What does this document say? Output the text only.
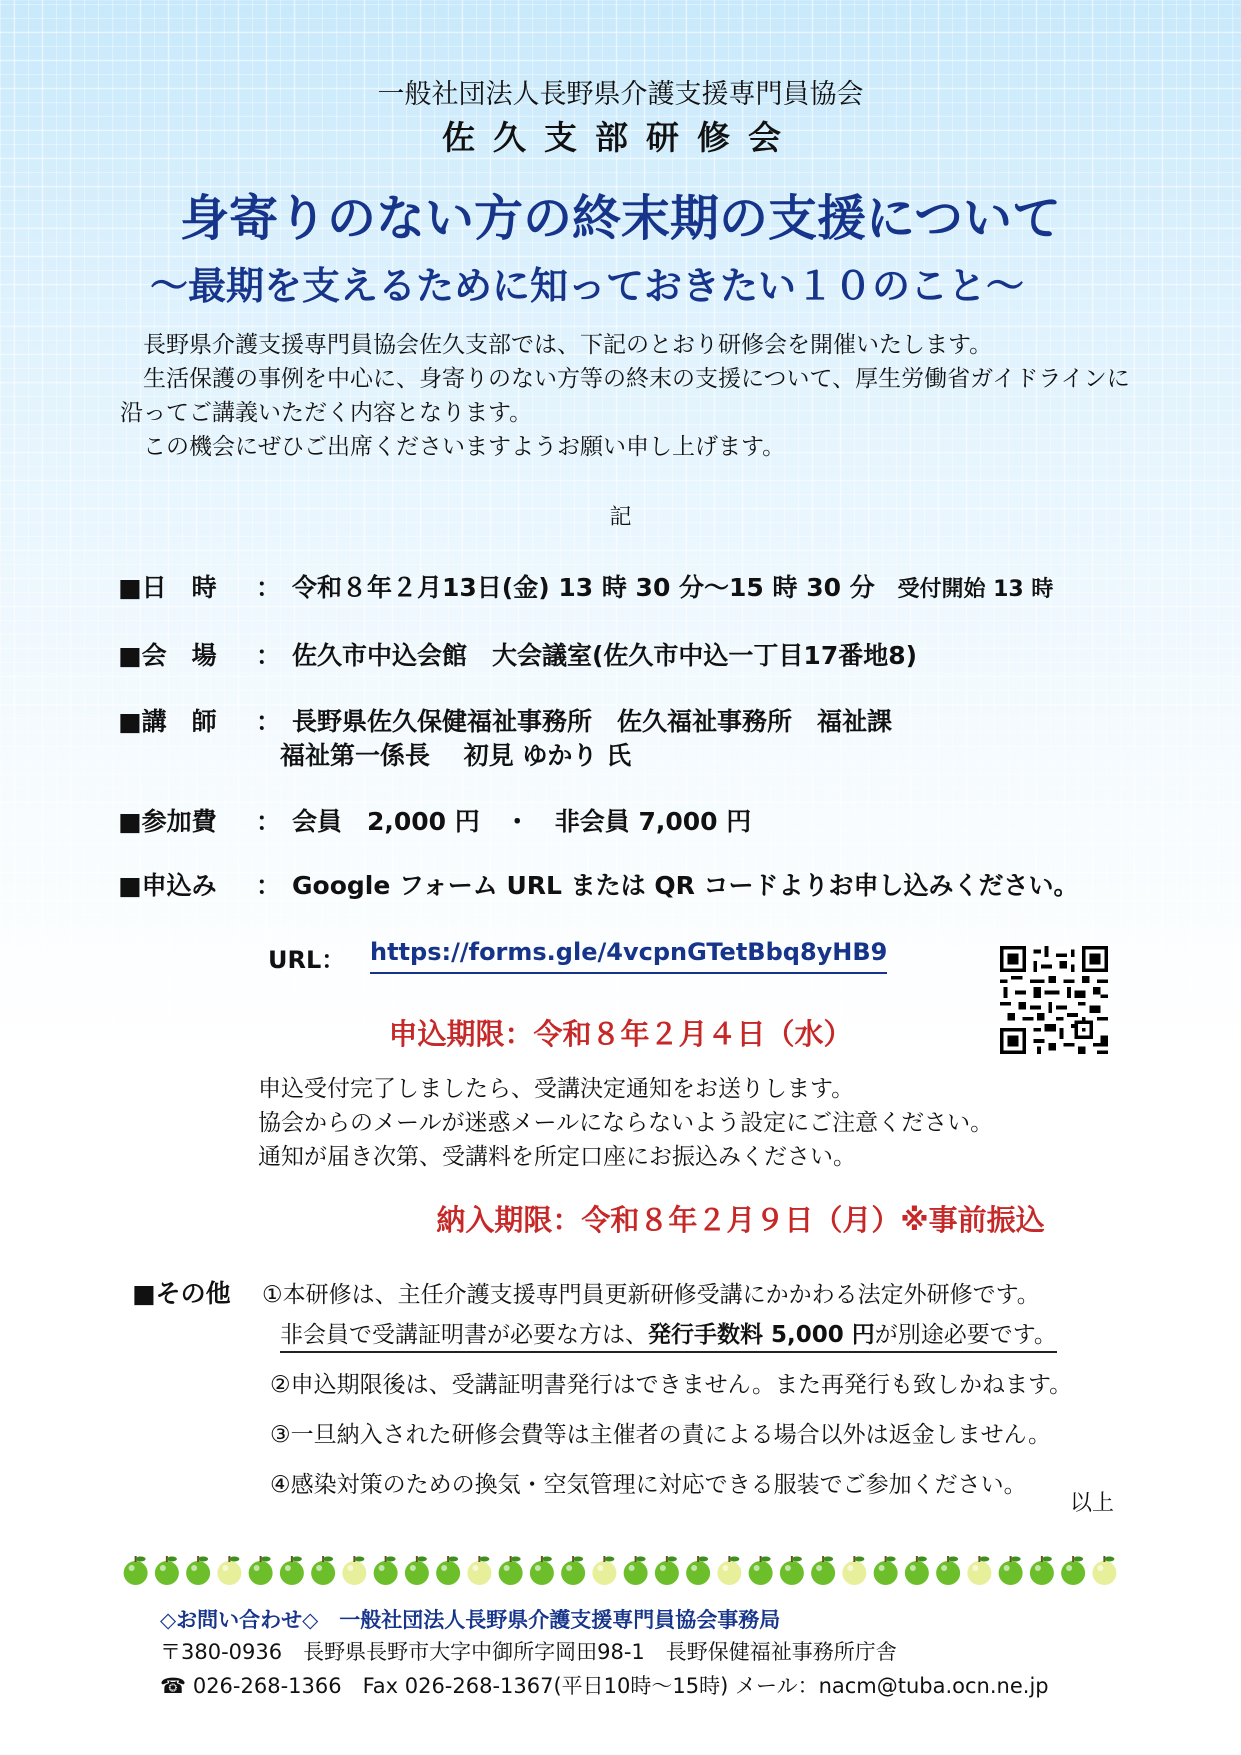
一般社団法人長野県介護支援専門員協会
佐久支部研修会
身寄りのない方の終末期の支援について
～最期を支えるために知っておきたい１０のこと～

　長野県介護支援専門員協会佐久支部では、下記のとおり研修会を開催いたします。

　生活保護の事例を中心に、身寄りのない方等の終末の支援について、厚生労働省ガイドラインに沿ってご講義いただく内容となります。

　この機会にぜひご出席くださいますようお願い申し上げます。

記
■日　時 ： 令和８年２月13日(金) 13 時 30 分～15 時 30 分 受付開始 13 時
■会　場 ： 佐久市中込会館　大会議室(佐久市中込一丁目17番地8)
■講　師 ： 長野県佐久保健福祉事務所　佐久福祉事務所　福祉課
福祉第一係長　 初見 ゆかり 氏
■参加費 ： 会員　2,000 円　・　非会員 7,000 円
■申込み ： Google フォーム URL または QR コードよりお申し込みください。
URL： https://forms.gle/4vcpnGTetBbq8yHB9
申込期限：令和８年２月４日（水）

申込受付完了しましたら、受講決定通知をお送りします。

協会からのメールが迷惑メールにならないよう設定にご注意ください。

通知が届き次第、受講料を所定口座にお振込みください。

納入期限：令和８年２月９日（月）※事前振込
■その他 ①本研修は、主任介護支援専門員更新研修受講にかかわる法定外研修です。
非会員で受講証明書が必要な方は、発行手数料 5,000 円が別途必要です。
②申込期限後は、受講証明書発行はできません。また再発行も致しかねます。
③一旦納入された研修会費等は主催者の責による場合以外は返金しません。
④感染対策のための換気・空気管理に対応できる服装でご参加ください。
以上
◇お問い合わせ◇　一般社団法人長野県介護支援専門員協会事務局
〒380-0936　長野県長野市大字中御所字岡田98-1　長野保健福祉事務所庁舎
☎ 026-268-1366　Fax 026-268-1367(平日10時～15時) メール：nacm@tuba.ocn.ne.jp
